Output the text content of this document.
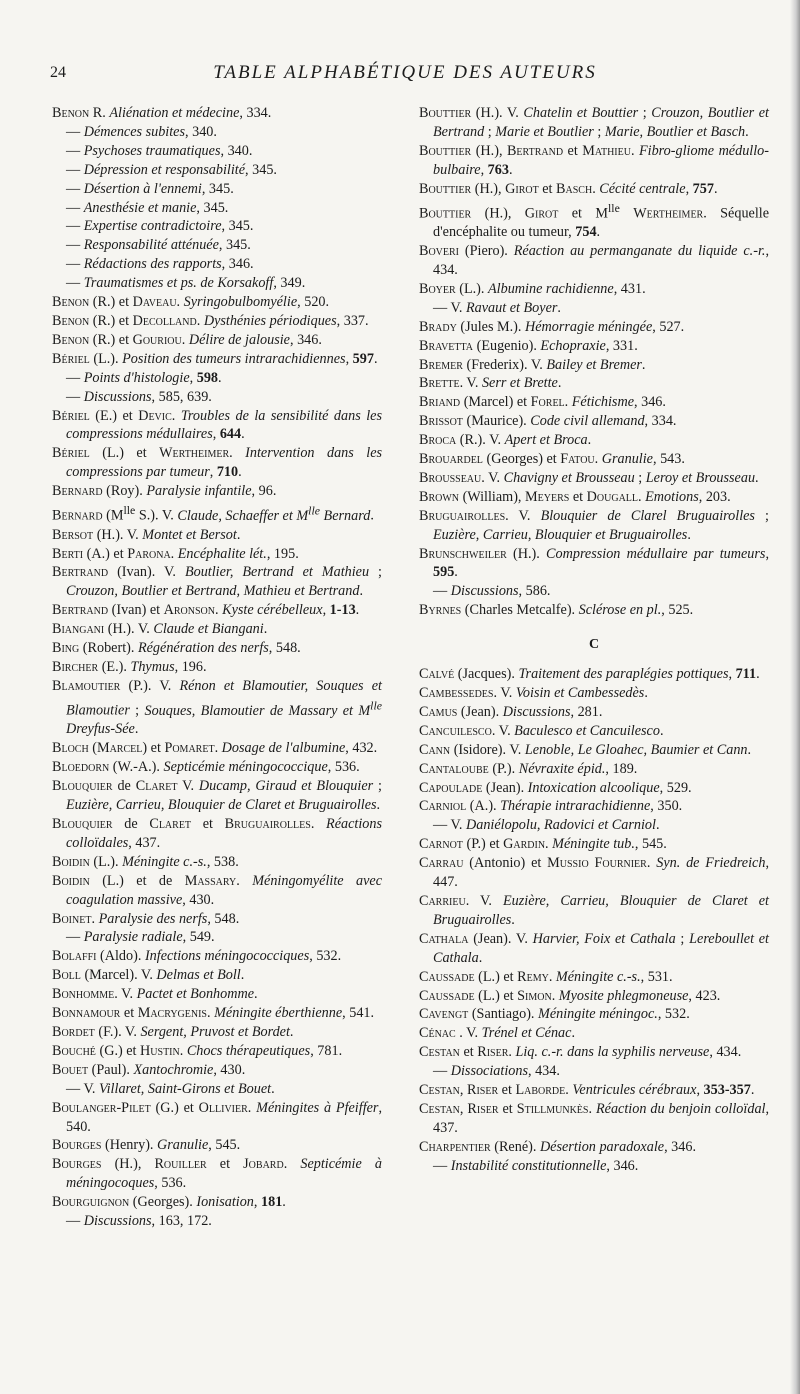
24	TABLE ALPHABÉTIQUE DES AUTEURS

Benon R. Aliénation et médecine, 334.

— Démences subites, 340.

— Psychoses traumatiques, 340.

— Dépression et responsabilité, 345.

— Désertion à l'ennemi, 345.

— Anesthésie et manie, 345.

— Expertise contradictoire, 345.

— Responsabilité atténuée, 345.

— Rédactions des rapports, 346.

— Traumatismes et ps. de Korsakoff, 349.

Benon (R.) et Daveau. Syringobulbomyélie, 520.

Benon (R.) et Decolland. Dysthénies périodiques, 337.

Benon (R.) et Gouriou. Délire de jalousie, 346.

Bériel (L.). Position des tumeurs intrarachidiennes, 597.

— Points d'histologie, 598.

— Discussions, 585, 639.

Bériel (E.) et Devic. Troubles de la sensibilité dans les compressions médullaires, 644.

Bériel (L.) et Wertheimer. Intervention dans les compressions par tumeur, 710.

Bernard (Roy). Paralysie infantile, 96.

Bernard ($M^{lle}$ S.). V. Claude, Schaeffer et $M^{lle}$ Bernard.

Bersot (H.). V. Montet et Bersot.

Berti (A.) et Parona. Encéphalite lét., 195.

Bertrand (Ivan). V. Boutlier, Bertrand et Mathieu ; Crouzon, Boutlier et Bertrand, Mathieu et Bertrand.

Bertrand (Ivan) et Aronson. Kyste cérébelleux, 1-13.

Bianganı (H.). V. Claude et Biangani.

Bing (Robert). Régénération des nerfs, 548.

Bircher (E.). Thymus, 196.

Blamoutier (P.). V. Rénon et Blamoutier, Souques et Blamoutier ; Souques, Blamoutier de Massary et $M^{lle}$ Dreyfus-Sée.

Bloch (Marcel) et Pomaret. Dosage de l'albumine, 432.

Bloedorn (W.-A.). Septicémie méningococcique, 536.

Blouquier de Claret V. Ducamp, Giraud et Blouquier ; Euzière, Carrieu, Blouquier de Claret et Bruguairolles.

Blouquier de Claret et Bruguairolles. Réactions colloïdales, 437.

Boidin (L.). Méningite c.-s., 538.

Boidin (L.) et de Massary. Méningomyélite avec coagulation massive, 430.

Boinet. Paralysie des nerfs, 548.

— Paralysie radiale, 549.

Bolaffi (Aldo). Infections méningococciques, 532.

Boll (Marcel). V. Delmas et Boll.

Bonhomme. V. Pactet et Bonhomme.

Bonnamour et Macrygenis. Méningite éberthienne, 541.

Bordet (F.). V. Sergent, Pruvost et Bordet.

Bouché (G.) et Hustin. Chocs thérapeutiques, 781.

Bouet (Paul). Xantochromie, 430.

— V. Villaret, Saint-Girons et Bouet.

Boulanger-Pilet (G.) et Ollivier. Méningites à Pfeiffer, 540.

Bourges (Henry). Granulie, 545.

Bourges (H.), Rouiller et Jobard. Septicémie à méningocoques, 536.

Bourguignon (Georges). Ionisation, 181.

— Discussions, 163, 172.

Bouttier (H.). V. Chatelin et Bouttier ; Crouzon, Boutlier et Bertrand ; Marie et Boutlier ; Marie, Boutlier et Basch.

Bouttier (H.), Bertrand et Mathieu. Fibro-gliome médullo-bulbaire, 763.

Bouttier (H.), Girot et Basch. Cécité centrale, 757.

Bouttier (H.), Girot et $M^{lle}$ Wertheimer. Séquelle d'encéphalite ou tumeur, 754.

Boveri (Piero). Réaction au permanganate du liquide c.-r., 434.

Boyer (L.). Albumine rachidienne, 431.

— V. Ravaut et Boyer.

Brady (Jules M.). Hémorragie méningée, 527.

Bravetta (Eugenio). Echopraxie, 331.

Bremer (Frederix). V. Bailey et Bremer.

Brette. V. Serr et Brette.

Briand (Marcel) et Forel. Fétichisme, 346.

Brissot (Maurice). Code civil allemand, 334.

Broca (R.). V. Apert et Broca.

Brouardel (Georges) et Fatou. Granulie, 543.

Brousseau. V. Chavigny et Brousseau ; Leroy et Brousseau.

Brown (William), Meyers et Dougall. Emotions, 203.

Bruguairolles. V. Blouquier de Clarel Bruguairolles ; Euzière, Carrieu, Blouquier et Bruguairolles.

Brunschweiler (H.). Compression médullaire par tumeurs, 595.

— Discussions, 586.

Byrnes (Charles Metcalfe). Sclérose en pl., 525.

C

Calvé (Jacques). Traitement des paraplégies pottiques, 711.

Cambessedes. V. Voisin et Cambessedès.

Camus (Jean). Discussions, 281.

Cancuilesco. V. Baculesco et Cancuilesco.

Cann (Isidore). V. Lenoble, Le Gloahec, Baumier et Cann.

Cantaloube (P.). Névraxite épid., 189.

Capoulade (Jean). Intoxication alcoolique, 529.

Carniol (A.). Thérapie intrarachidienne, 350.

— V. Daniélopolu, Radovici et Carniol.

Carnot (P.) et Gardin. Méningite tub., 545.

Carrau (Antonio) et Mussio Fournier. Syn. de Friedreich, 447.

Carrieu. V. Euzière, Carrieu, Blouquier de Claret et Bruguairolles.

Cathala (Jean). V. Harvier, Foix et Cathala ; Lereboullet et Cathala.

Caussade (L.) et Remy. Méningite c.-s., 531.

Caussade (L.) et Simon. Myosite phlegmoneuse, 423.

Cavengt (Santiago). Méningite méningoc., 532.

Cénac . V. Trénel et Cénac.

Cestan et Riser. Liq. c.-r. dans la syphilis nerveuse, 434.

— Dissociations, 434.

Cestan, Riser et Laborde. Ventricules cérébraux, 353-357.

Cestan, Riser et Stillmunkès. Réaction du benjoin colloïdal, 437.

Charpentier (René). Désertion paradoxale, 346.

— Instabilité constitutionnelle, 346.
